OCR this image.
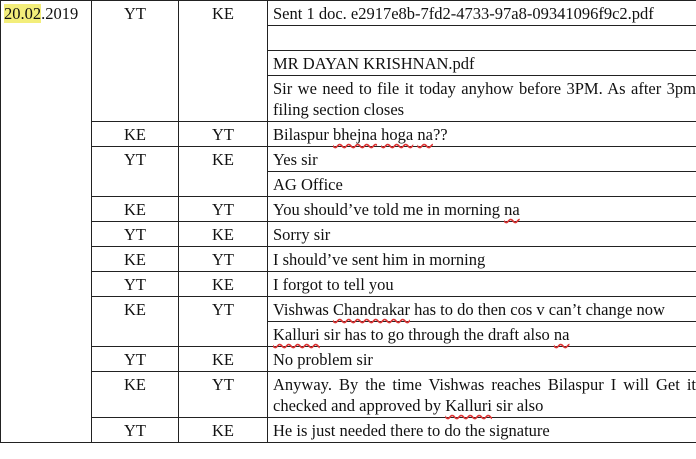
20.02.2019	YT	KE	Sent 1 doc. e2917e8b-7fd2-4733-97a8-09341096f9c2.pdf

			MR DAYAN KRISHNAN.pdf
			Sir we need to file it today anyhow before 3PM. As after 3pm filing section closes
	KE	YT	Bilaspur bhejna hoga na??
	YT	KE	Yes sir
			AG Office
	KE	YT	You should’ve told me in morning na
	YT	KE	Sorry sir
	KE	YT	I should’ve sent him in morning
	YT	KE	I forgot to tell you
	KE	YT	Vishwas Chandrakar has to do then cos v can’t change now
			Kalluri sir has to go through the draft also na
	YT	KE	No problem sir
	KE	YT	Anyway. By the time Vishwas reaches Bilaspur I will Get it checked and approved by Kalluri sir also
	YT	KE	He is just needed there to do the signature
